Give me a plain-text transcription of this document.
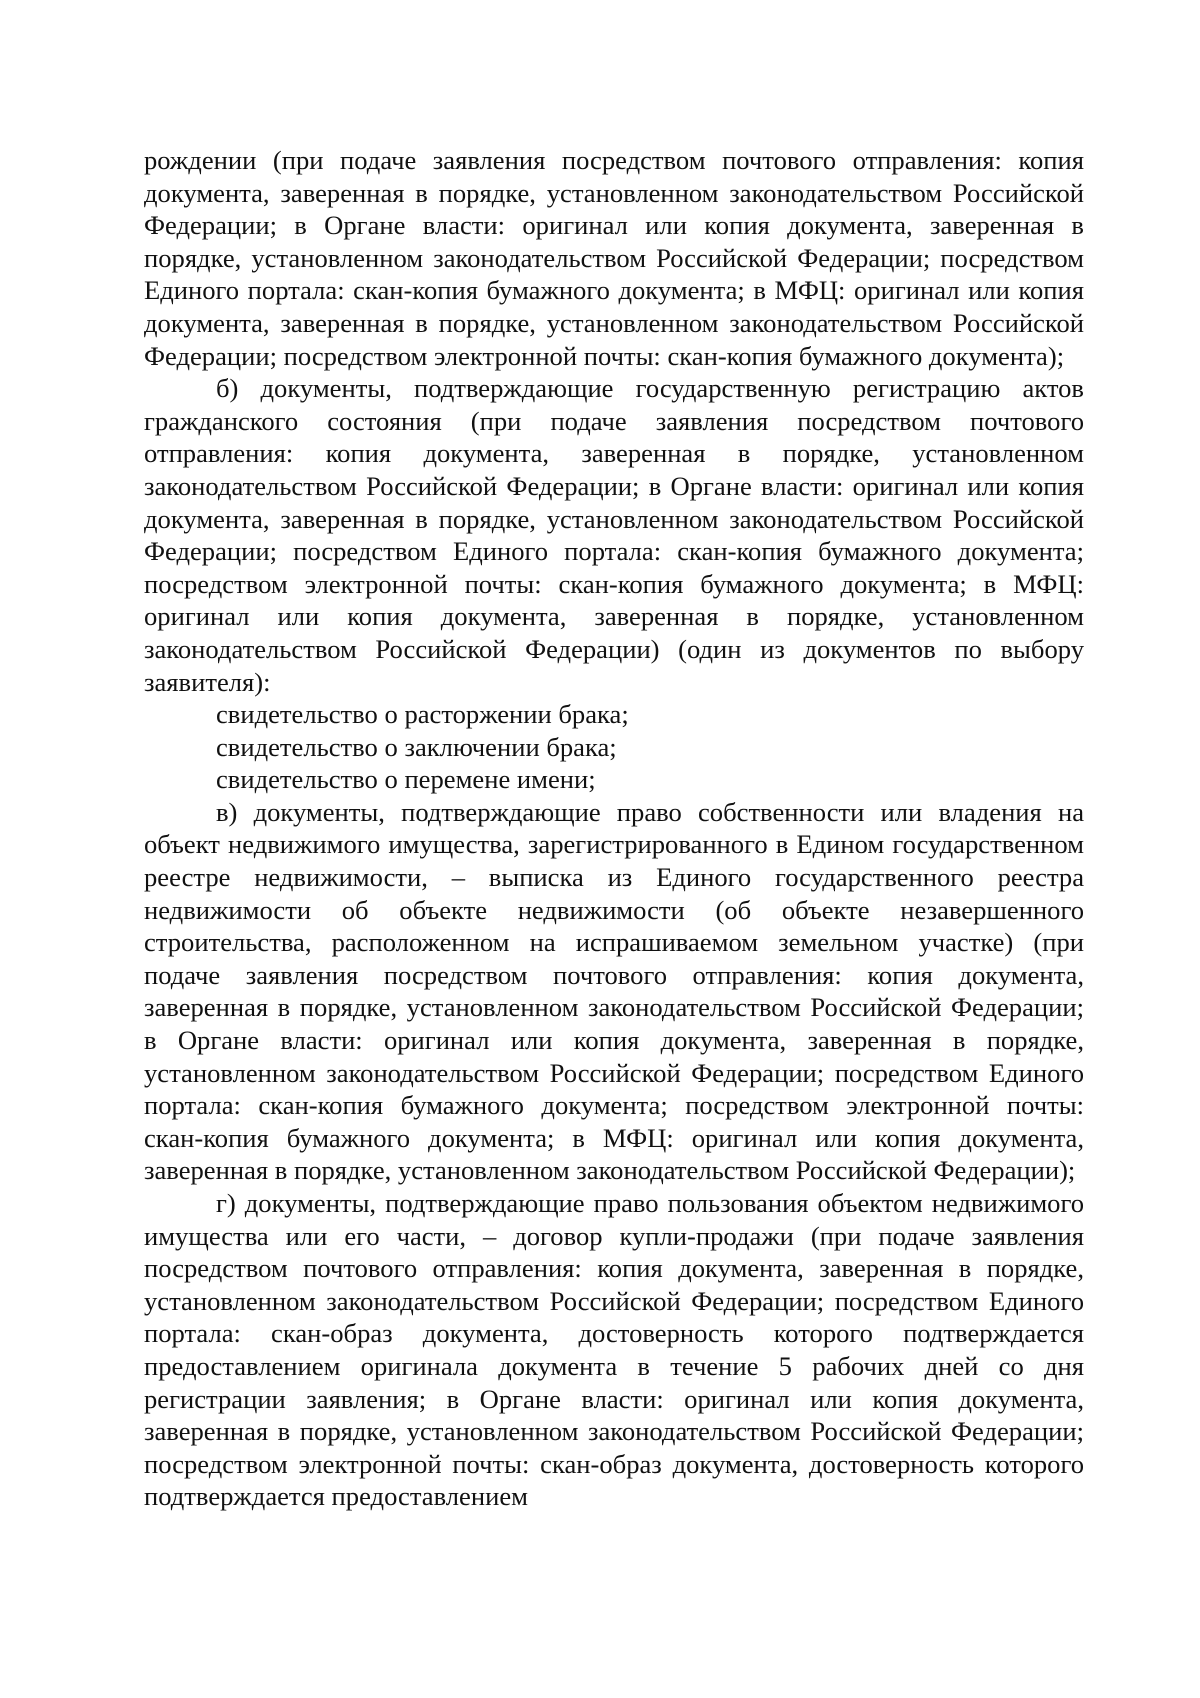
рождении (при подаче заявления посредством почтового отправления: копия документа, заверенная в порядке, установленном законодательством Российской Федерации; в Органе власти: оригинал или копия документа, заверенная в порядке, установленном законодательством Российской Федерации; посредством Единого портала: скан-копия бумажного документа; в МФЦ: оригинал или копия документа, заверенная в порядке, установленном законодательством Российской Федерации; посредством электронной почты: скан-копия бумажного документа);

б) документы, подтверждающие государственную регистрацию актов гражданского состояния (при подаче заявления посредством почтового отправления: копия документа, заверенная в порядке, установленном законодательством Российской Федерации; в Органе власти: оригинал или копия документа, заверенная в порядке, установленном законодательством Российской Федерации; посредством Единого портала: скан-копия бумажного документа; посредством электронной почты: скан-копия бумажного документа; в МФЦ: оригинал или копия документа, заверенная в порядке, установленном законодательством Российской Федерации) (один из документов по выбору заявителя):

свидетельство о расторжении брака;

свидетельство о заключении брака;

свидетельство о перемене имени;

в) документы, подтверждающие право собственности или владения на объект недвижимого имущества, зарегистрированного в Едином государственном реестре недвижимости, – выписка из Единого государственного реестра недвижимости об объекте недвижимости (об объекте незавершенного строительства, расположенном на испрашиваемом земельном участке) (при подаче заявления посредством почтового отправления: копия документа, заверенная в порядке, установленном законодательством Российской Федерации; в Органе власти: оригинал или копия документа, заверенная в порядке, установленном законодательством Российской Федерации; посредством Единого портала: скан-копия бумажного документа; посредством электронной почты: скан-копия бумажного документа; в МФЦ: оригинал или копия документа, заверенная в порядке, установленном законодательством Российской Федерации);

г) документы, подтверждающие право пользования объектом недвижимого имущества или его части, – договор купли-продажи (при подаче заявления посредством почтового отправления: копия документа, заверенная в порядке, установленном законодательством Российской Федерации; посредством Единого портала: скан-образ документа, достоверность которого подтверждается предоставлением оригинала документа в течение 5 рабочих дней со дня регистрации заявления; в Органе власти: оригинал или копия документа, заверенная в порядке, установленном законодательством Российской Федерации; посредством электронной почты: скан-образ документа, достоверность которого подтверждается предоставлением
